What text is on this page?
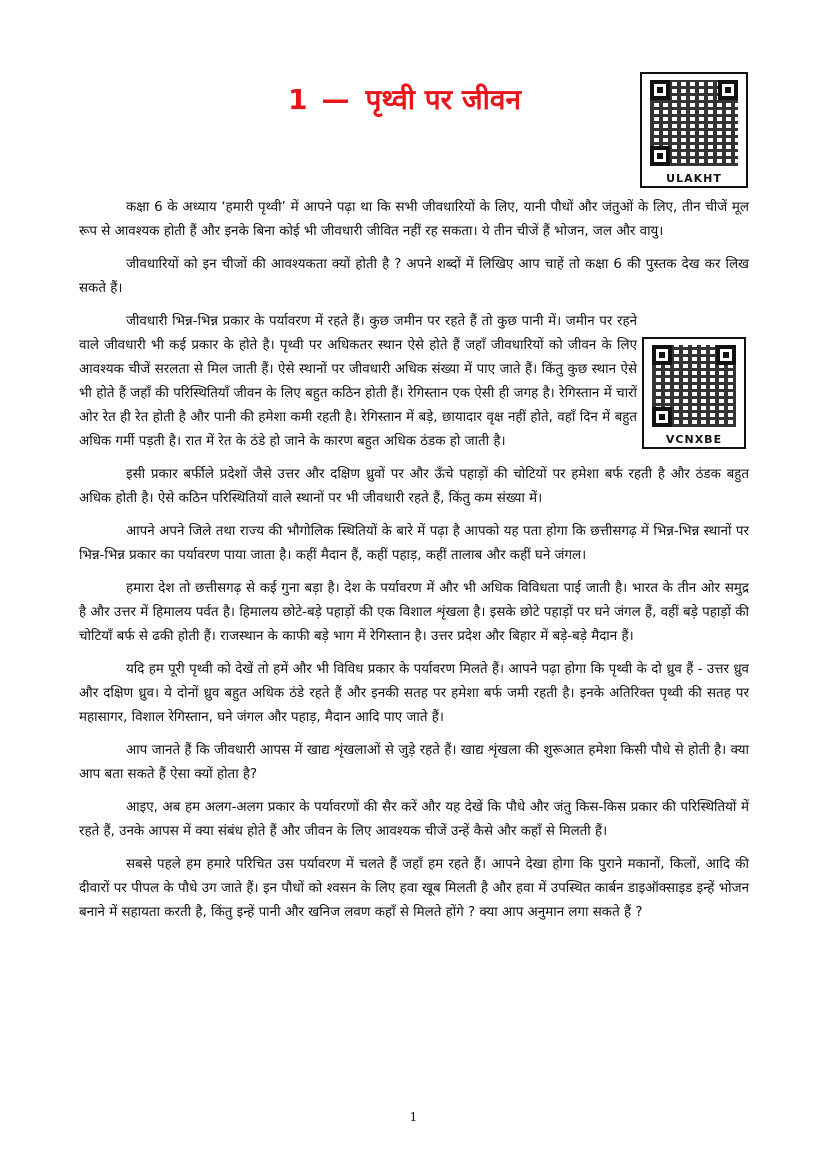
1 — पृथ्वी पर जीवन
ULAKHT

कक्षा 6 के अध्याय ‘हमारी पृथ्वी’ में आपने पढ़ा था कि सभी जीवधारियों के लिए, यानी पौधों और जंतुओं के लिए, तीन चीजें मूल रूप से आवश्यक होती हैं और इनके बिना कोई भी जीवधारी जीवित नहीं रह सकता। ये तीन चीजें हैं भोजन, जल और वायु।

जीवधारियों को इन चीजों की आवश्यकता क्यों होती है ? अपने शब्दों में लिखिए आप चाहें तो कक्षा 6 की पुस्तक देख कर लिख सकते हैं।

जीवधारी भिन्न-भिन्न प्रकार के पर्यावरण में रहते हैं। कुछ जमीन पर रहते हैं तो कुछ पानी में। जमीन पर रहने वाले जीवधारी भी कई प्रकार के होते है। पृथ्वी पर अधिकतर स्थान ऐसे होते हैं जहाँ जीवधारियों को जीवन के लिए आवश्यक चीजें सरलता से मिल जाती हैं। ऐसे स्थानों पर जीवधारी अधिक संख्या में पाए जाते हैं। किंतु कुछ स्थान ऐसे भी होते हैं जहाँ की परिस्थितियाँ जीवन के लिए बहुत कठिन होती हैं। रेगिस्तान एक ऐसी ही जगह है। रेगिस्तान में चारों ओर रेत ही रेत होती है और पानी की हमेशा कमी रहती है। रेगिस्तान में बड़े, छायादार वृक्ष नहीं होते, वहाँ दिन में बहुत अधिक गर्मी पड़ती है। रात में रेत के ठंडे हो जाने के कारण बहुत अधिक ठंडक हो जाती है।

इसी प्रकार बर्फीले प्रदेशों जैसे उत्तर और दक्षिण ध्रुवों पर और ऊँचे पहाड़ों की चोटियों पर हमेशा बर्फ रहती है और ठंडक बहुत अधिक होती है। ऐसे कठिन परिस्थितियों वाले स्थानों पर भी जीवधारी रहते हैं, किंतु कम संख्या में।

आपने अपने जिले तथा राज्य की भौगोलिक स्थितियों के बारे में पढ़ा है आपको यह पता होगा कि छत्तीसगढ़ में भिन्न-भिन्न स्थानों पर भिन्न-भिन्न प्रकार का पर्यावरण पाया जाता है। कहीं मैदान हैं, कहीं पहाड़, कहीं तालाब और कहीं घने जंगल।

हमारा देश तो छत्तीसगढ़ से कई गुना बड़ा है। देश के पर्यावरण में और भी अधिक विविधता पाई जाती है। भारत के तीन ओर समुद्र है और उत्तर में हिमालय पर्वत है। हिमालय छोटे-बड़े पहाड़ों की एक विशाल शृंखला है। इसके छोटे पहाड़ों पर घने जंगल हैं, वहीं बड़े पहाड़ों की चोटियाँ बर्फ से ढकी होती हैं। राजस्थान के काफी बड़े भाग में रेगिस्तान है। उत्तर प्रदेश और बिहार में बड़े-बड़े मैदान हैं।

यदि हम पूरी पृथ्वी को देखें तो हमें और भी विविध प्रकार के पर्यावरण मिलते हैं। आपने पढ़ा होगा कि पृथ्वी के दो ध्रुव हैं - उत्तर ध्रुव और दक्षिण ध्रुव। ये दोनों ध्रुव बहुत अधिक ठंडे रहते हैं और इनकी सतह पर हमेशा बर्फ जमी रहती है। इनके अतिरिक्त पृथ्वी की सतह पर महासागर, विशाल रेगिस्तान, घने जंगल और पहाड़, मैदान आदि पाए जाते हैं।

आप जानते हैं कि जीवधारी आपस में खाद्य शृंखलाओं से जुड़े रहते हैं। खाद्य शृंखला की शुरूआत हमेशा किसी पौधे से होती है। क्या आप बता सकते हैं ऐसा क्यों होता है?

आइए, अब हम अलग-अलग प्रकार के पर्यावरणों की सैर करें और यह देखें कि पौधे और जंतु किस-किस प्रकार की परिस्थितियों में रहते हैं, उनके आपस में क्या संबंध होते हैं और जीवन के लिए आवश्यक चीजें उन्हें कैसे और कहाँ से मिलती हैं।

सबसे पहले हम हमारे परिचित उस पर्यावरण में चलते हैं जहाँ हम रहते हैं। आपने देखा होगा कि पुराने मकानों, किलों, आदि की दीवारों पर पीपल के पौधे उग जाते हैं। इन पौधों को श्वसन के लिए हवा खूब मिलती है और हवा में उपस्थित कार्बन डाइऑक्साइड इन्हें भोजन बनाने में सहायता करती है, किंतु इन्हें पानी और खनिज लवण कहाँ से मिलते होंगे ? क्या आप अनुमान लगा सकते हैं ?

VCNXBE
1
